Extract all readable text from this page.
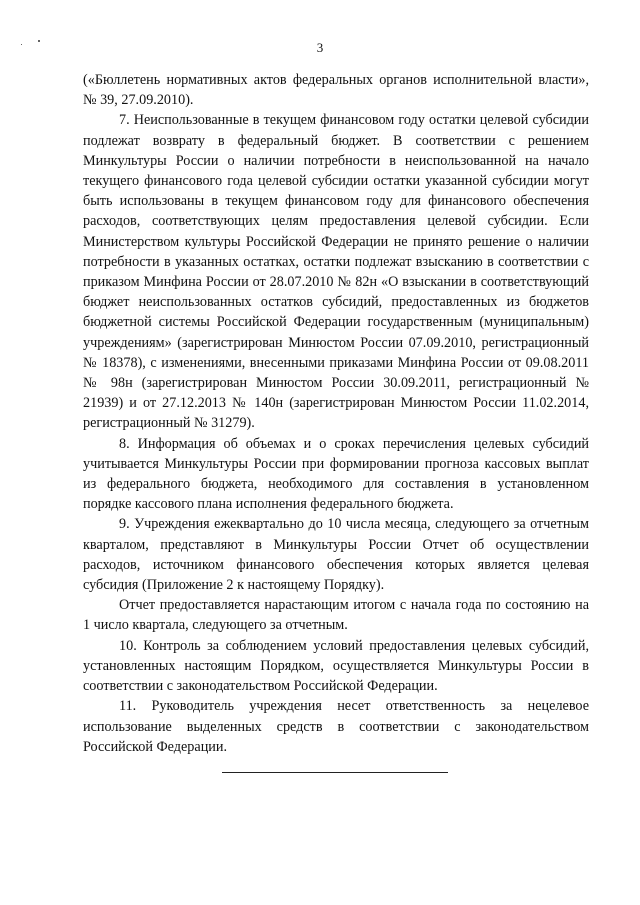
3

(«Бюллетень нормативных актов федеральных органов исполнительной власти», № 39, 27.09.2010).

7. Неиспользованные в текущем финансовом году остатки целевой субсидии подлежат возврату в федеральный бюджет. В соответствии с решением Минкультуры России о наличии потребности в неиспользованной на начало текущего финансового года целевой субсидии остатки указанной субсидии могут быть использованы в текущем финансовом году для финансового обеспечения расходов, соответствующих целям предоставления целевой субсидии. Если Министерством культуры Российской Федерации не принято решение о наличии потребности в указанных остатках, остатки подлежат взысканию в соответствии с приказом Минфина России от 28.07.2010 № 82н «О взыскании в соответствующий бюджет неиспользованных остатков субсидий, предоставленных из бюджетов бюджетной системы Российской Федерации государственным (муниципальным) учреждениям» (зарегистрирован Минюстом России 07.09.2010, регистрационный № 18378), с изменениями, внесенными приказами Минфина России от 09.08.2011 № 98н (зарегистрирован Минюстом России 30.09.2011, регистрационный № 21939) и от 27.12.2013 № 140н (зарегистрирован Минюстом России 11.02.2014, регистрационный № 31279).

8. Информация об объемах и о сроках перечисления целевых субсидий учитывается Минкультуры России при формировании прогноза кассовых выплат из федерального бюджета, необходимого для составления в установленном порядке кассового плана исполнения федерального бюджета.

9. Учреждения ежеквартально до 10 числа месяца, следующего за отчетным кварталом, представляют в Минкультуры России Отчет об осуществлении расходов, источником финансового обеспечения которых является целевая субсидия (Приложение 2 к настоящему Порядку).

Отчет предоставляется нарастающим итогом с начала года по состоянию на 1 число квартала, следующего за отчетным.

10. Контроль за соблюдением условий предоставления целевых субсидий, установленных настоящим Порядком, осуществляется Минкультуры России в соответствии с законодательством Российской Федерации.

11. Руководитель учреждения несет ответственность за нецелевое использование выделенных средств в соответствии с законодательством Российской Федерации.
